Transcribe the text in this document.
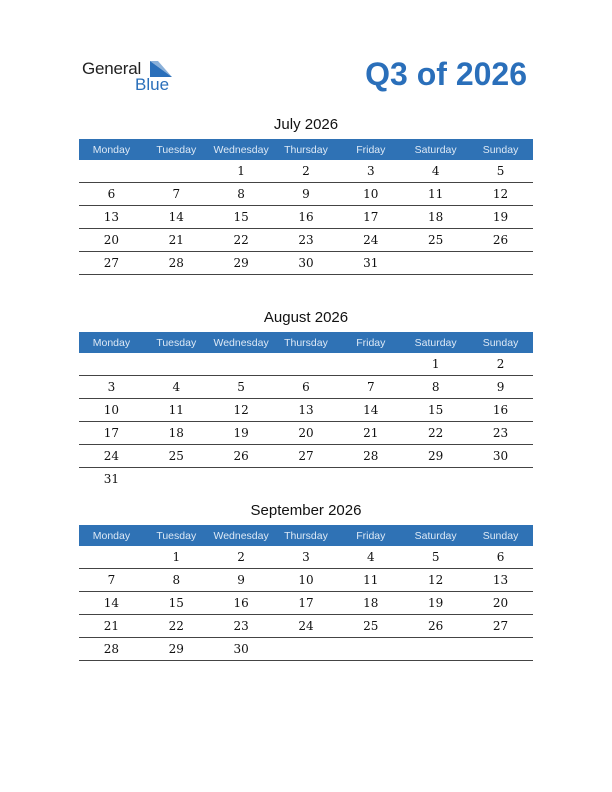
General
Blue	Q3 of 2026
July 2026
Monday	Tuesday	Wednesday	Thursday	Friday	Saturday	Sunday
		1	2	3	4	5
6	7	8	9	10	11	12
13	14	15	16	17	18	19
20	21	22	23	24	25	26
27	28	29	30	31		
August 2026
Monday	Tuesday	Wednesday	Thursday	Friday	Saturday	Sunday
					1	2
3	4	5	6	7	8	9
10	11	12	13	14	15	16
17	18	19	20	21	22	23
24	25	26	27	28	29	30
31						
September 2026
Monday	Tuesday	Wednesday	Thursday	Friday	Saturday	Sunday
	1	2	3	4	5	6
7	8	9	10	11	12	13
14	15	16	17	18	19	20
21	22	23	24	25	26	27
28	29	30				
